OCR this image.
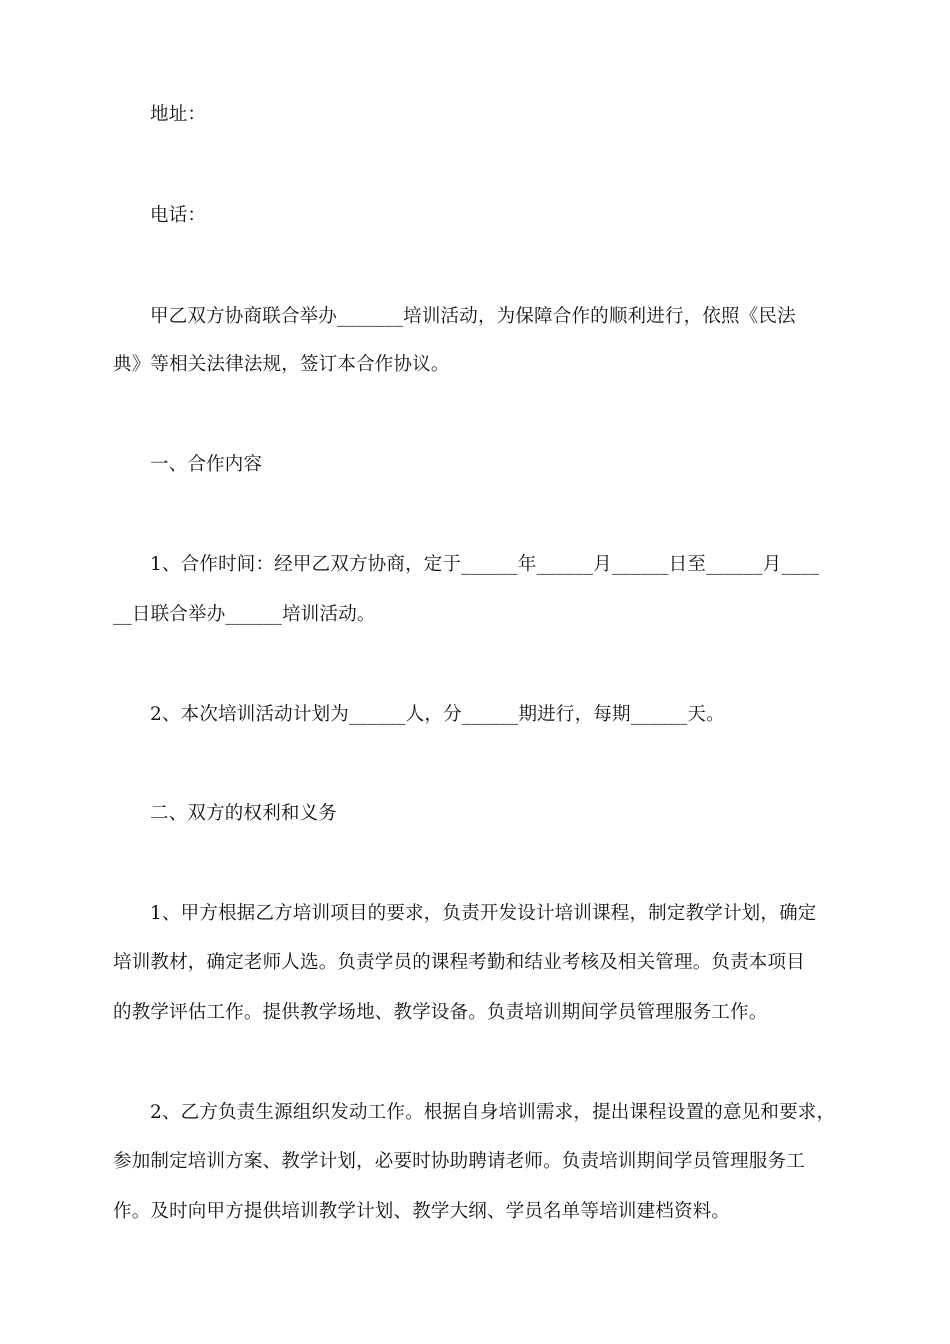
地址：
电话：
甲乙双方协商联合举办_______培训活动，为保障合作的顺利进行，依照《民法
典》等相关法律法规，签订本合作协议。
一、合作内容
1、合作时间：经甲乙双方协商，定于______年______月______日至______月____
__日联合举办______培训活动。
2、本次培训活动计划为______人，分______期进行，每期______天。
二、双方的权利和义务
1、甲方根据乙方培训项目的要求，负责开发设计培训课程，制定教学计划，确定
培训教材，确定老师人选。负责学员的课程考勤和结业考核及相关管理。负责本项目
的教学评估工作。提供教学场地、教学设备。负责培训期间学员管理服务工作。
2、乙方负责生源组织发动工作。根据自身培训需求，提出课程设置的意见和要求，
参加制定培训方案、教学计划，必要时协助聘请老师。负责培训期间学员管理服务工
作。及时向甲方提供培训教学计划、教学大纲、学员名单等培训建档资料。
